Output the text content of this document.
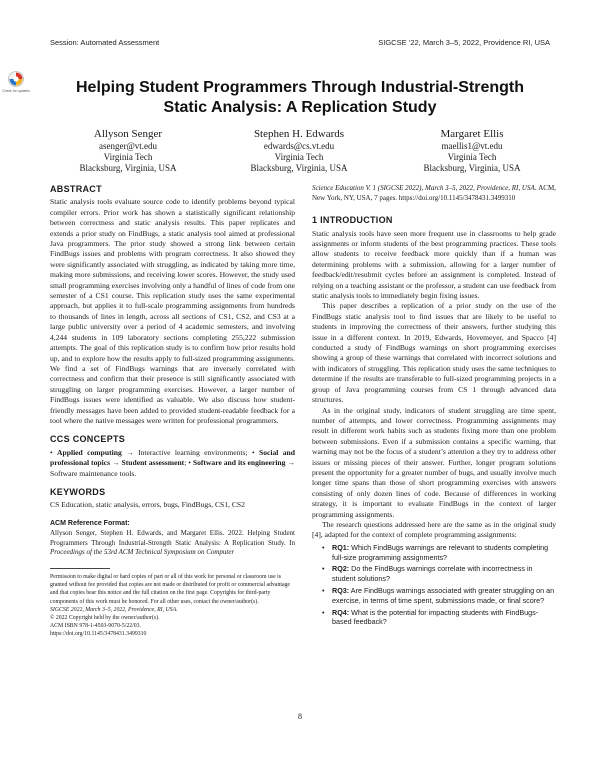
Session: Automated Assessment	SIGCSE ’22, March 3–5, 2022, Providence RI, USA
Check for updates	Helping Student Programmers Through Industrial-Strength
Static Analysis: A Replication Study
Allyson Senger
asenger@vt.edu
Virginia Tech
Blacksburg, Virginia, USA
Stephen H. Edwards
edwards@cs.vt.edu
Virginia Tech
Blacksburg, Virginia, USA
Margaret Ellis
maellis1@vt.edu
Virginia Tech
Blacksburg, Virginia, USA
ABSTRACT

Static analysis tools evaluate source code to identify problems beyond typical compiler errors. Prior work has shown a statistically significant relationship between correctness and static analysis results. This paper replicates and extends a prior study on FindBugs, a static analysis tool aimed at professional Java programmers. The prior study showed a strong link between certain FindBugs issues and problems with program correctness. It also showed they were significantly associated with struggling, as indicated by taking more time, making more submissions, and receiving lower scores. However, the study used small programming exercises involving only a handful of lines of code from one semester of a CS1 course. This replication study uses the same experimental approach, but applies it to full-scale programming assignments from hundreds to thousands of lines in length, across all sections of CS1, CS2, and CS3 at a large public university over a period of 4 academic semesters, and involving 4,244 students in 109 laboratory sections completing 255,222 submission attempts. The goal of this replication study is to confirm how prior results hold up, and to explore how the results apply to full-sized programming assignments. We find a set of FindBugs warnings that are inversely correlated with correctness and confirm that their presence is still significantly associated with struggling on larger programming exercises. However, a larger number of FindBugs issues were identified as valuable. We also discuss how student-friendly messages have been added to provided student-readable feedback for a tool where the native messages were written for professional programmers.

CCS CONCEPTS

• Applied computing → Interactive learning environments; • Social and professional topics → Student assessment; • Software and its engineering → Software maintenance tools.

KEYWORDS

CS Education, static analysis, errors, bugs, FindBugs, CS1, CS2

ACM Reference Format:

Allyson Senger, Stephen H. Edwards, and Margaret Ellis. 2022. Helping Student Programmers Through Industrial-Strength Static Analysis: A Replication Study. In Proceedings of the 53rd ACM Technical Symposium on Computer

Permission to make digital or hard copies of part or all of this work for personal or classroom use is granted without fee provided that copies are not made or distributed for profit or commercial advantage and that copies bear this notice and the full citation on the first page. Copyrights for third-party components of this work must be honored. For all other uses, contact the owner/author(s).
SIGCSE 2022, March 3–5, 2022, Providence, RI, USA.
© 2022 Copyright held by the owner/author(s).
ACM ISBN 978-1-4503-9070-5/22/03.
https://doi.org/10.1145/3478431.3499310

Science Education V. 1 (SIGCSE 2022), March 3–5, 2022, Providence, RI, USA. ACM, New York, NY, USA, 7 pages. https://doi.org/10.1145/3478431.3499310

1 INTRODUCTION

Static analysis tools have seen more frequent use in classrooms to help grade assignments or inform students of the best programming practices. These tools allow students to receive feedback more quickly than if a human was determining problems with a submission, allowing for a larger number of feedback/edit/resubmit cycles before an assignment is completed. Instead of relying on a teaching assistant or the professor, a student can use feedback from static analysis tools to immediately begin fixing issues.

This paper describes a replication of a prior study on the use of the FindBugs static analysis tool to find issues that are likely to be useful to students in improving the correctness of their answers, further studying this issue in a different context. In 2019, Edwards, Hovemeyer, and Spacco [4] conducted a study of FindBugs warnings on short programming exercises showing a group of these warnings that correlated with incorrect solutions and with indicators of struggling. This replication study uses the same techniques to determine if the results are transferable to full-sized programming projects in a group of Java programming courses from CS 1 through advanced data structures.

As in the original study, indicators of student struggling are time spent, number of attempts, and lower correctness. Programming assignments may result in different work habits such as students fixing more than one problem between submissions. Even if a submission contains a specific warning, that warning may not be the focus of a student’s attention a they try to address other issues or missing pieces of their answer. Further, longer program solutions present the opportunity for a greater number of bugs, and usually involve much longer time spans than those of short programming exercises with answers consisting of only dozen lines of code. Because of differences in working strategy, it is important to evaluate FindBugs in the context of larger programming assignments.

The research questions addressed here are the same as in the original study [4], adapted for the context of complete programming assignments:

• RQ1: Which FindBugs warnings are relevant to students completing full-size programming assignments?
• RQ2: Do the FindBugs warnings correlate with incorrectness in student solutions?
• RQ3: Are FindBugs warnings associated with greater struggling on an exercise, in terms of time spent, submissions made, or final score?
• RQ4: What is the potential for impacting students with FindBugs-based feedback?
8
